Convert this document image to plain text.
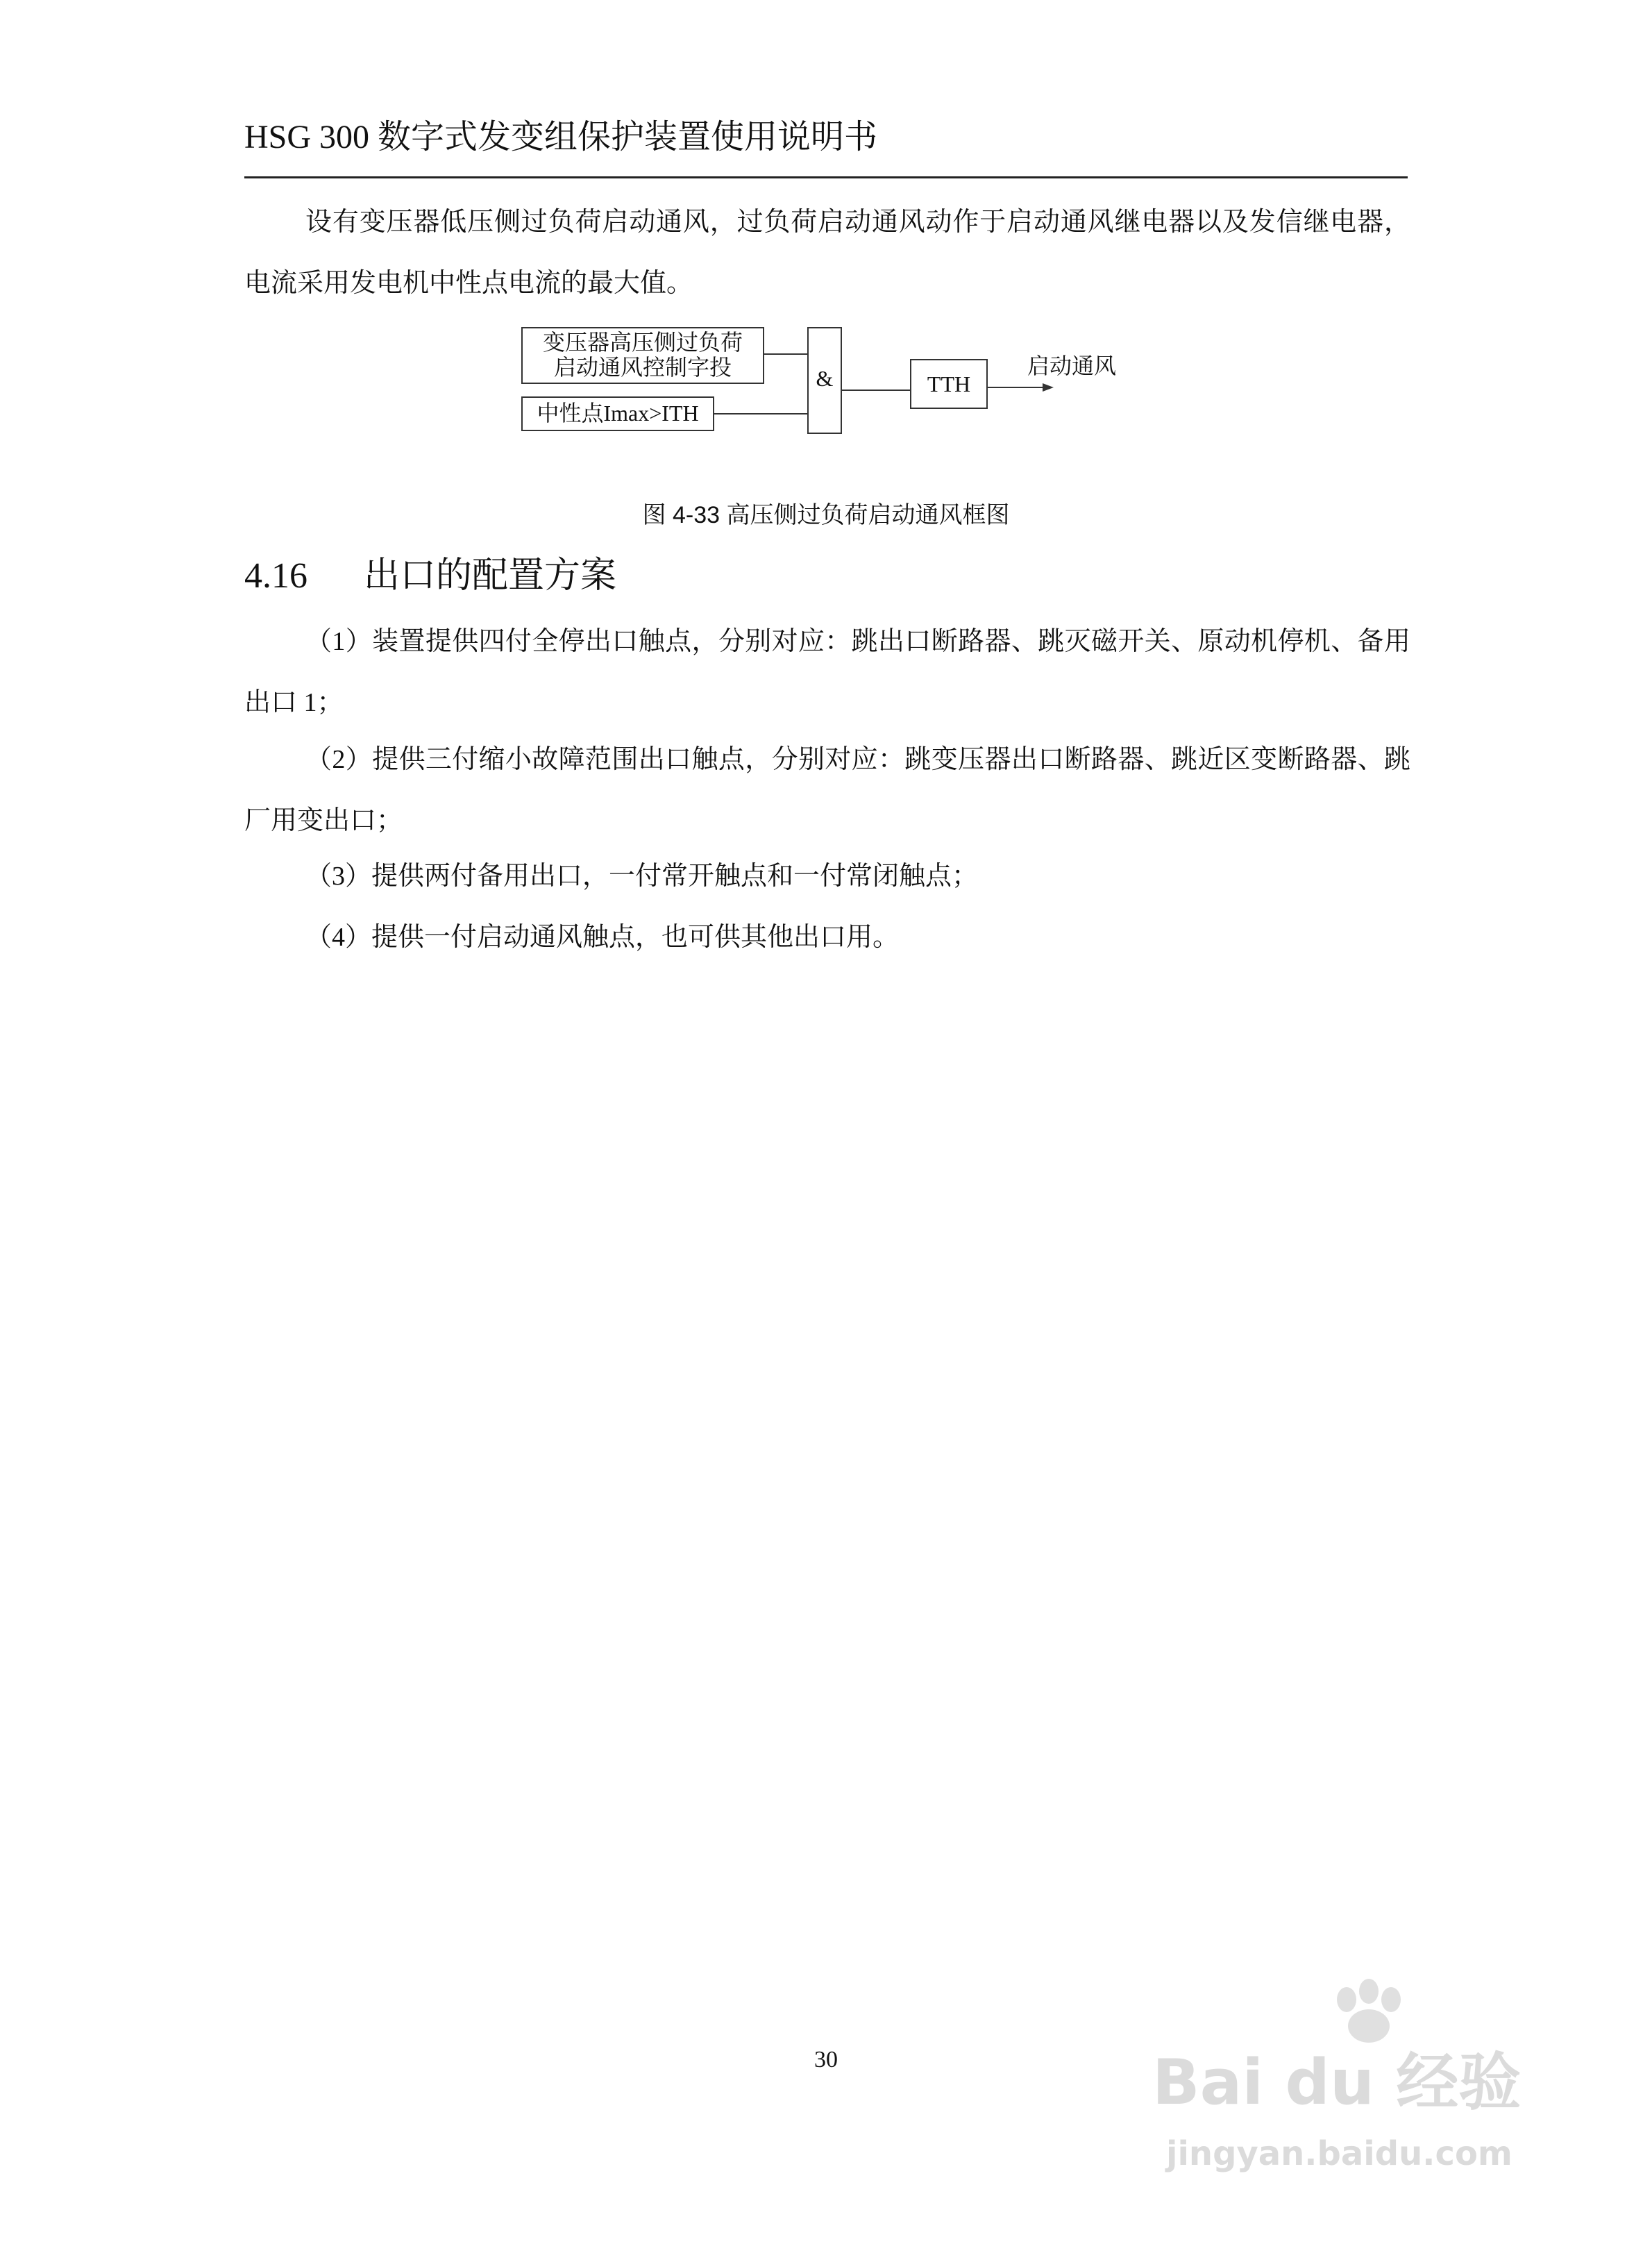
HSG 300 数字式发变组保护装置使用说明书

设有变压器低压侧过负荷启动通风，过负荷启动通风动作于启动通风继电器以及发信继电器，电流采用发电机中性点电流的最大值。

变压器高压侧过负荷
启动通风控制字投
中性点Imax>ITH
&	TTH
启动通风
图 4-33 高压侧过负荷启动通风框图
4.16 出口的配置方案

（1）装置提供四付全停出口触点，分别对应：跳出口断路器、跳灭磁开关、原动机停机、备用出口 1；

（2）提供三付缩小故障范围出口触点，分别对应：跳变压器出口断路器、跳近区变断路器、跳厂用变出口；

（3）提供两付备用出口，一付常开触点和一付常闭触点；

（4）提供一付启动通风触点，也可供其他出口用。

30	Bai du 经验
jingyan.baidu.com
